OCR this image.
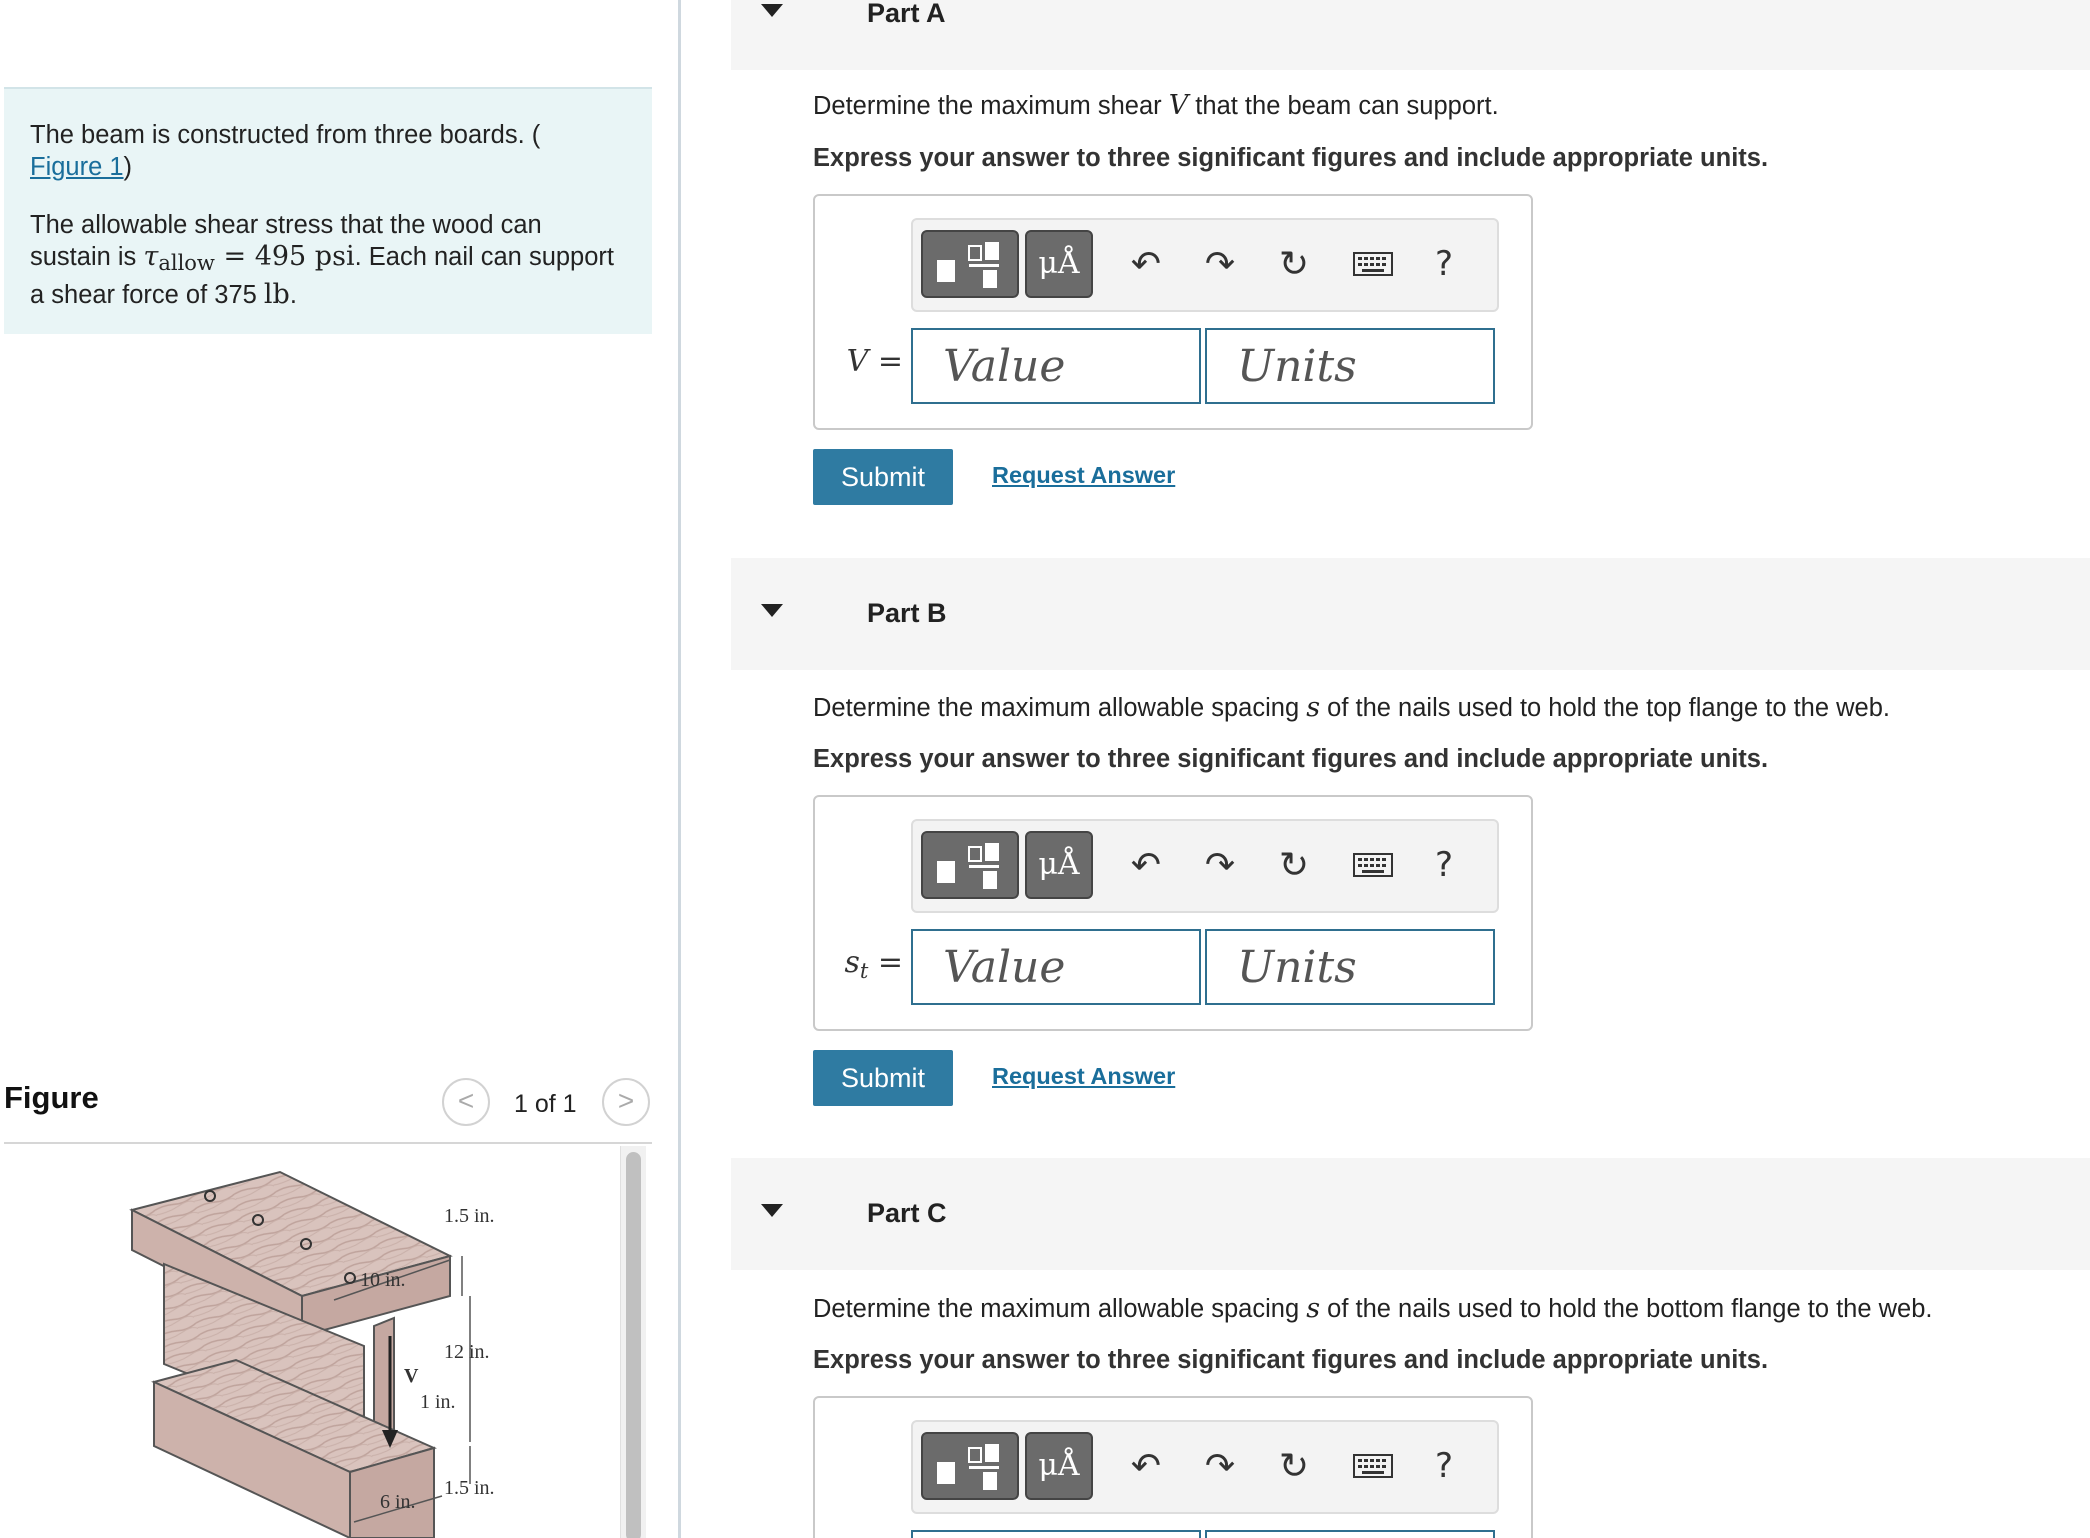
The beam is constructed from three boards. (
Figure 1)

The allowable shear stress that the wood can sustain is $\tau_{allow} = 495$ psi. Each nail can support a shear force of 375 lb.

Figure	<	1 of 1	>
1.5 in.
10 in.
12 in.
V
1 in.
1.5 in.
6 in.
Part A
Determine the maximum shear V that the beam can support.
Express your answer to three significant figures and include appropriate units.
μÅ	↶ ↷ ↻	?
V =
Value
Units
Submit	Request Answer
Part B
Determine the maximum allowable spacing s of the nails used to hold the top flange to the web.
Express your answer to three significant figures and include appropriate units.
μÅ	↶ ↷ ↻	?
$s_t$ =
Value
Units
Submit	Request Answer
Part C
Determine the maximum allowable spacing s of the nails used to hold the bottom flange to the web.
Express your answer to three significant figures and include appropriate units.
μÅ	↶ ↷ ↻	?
